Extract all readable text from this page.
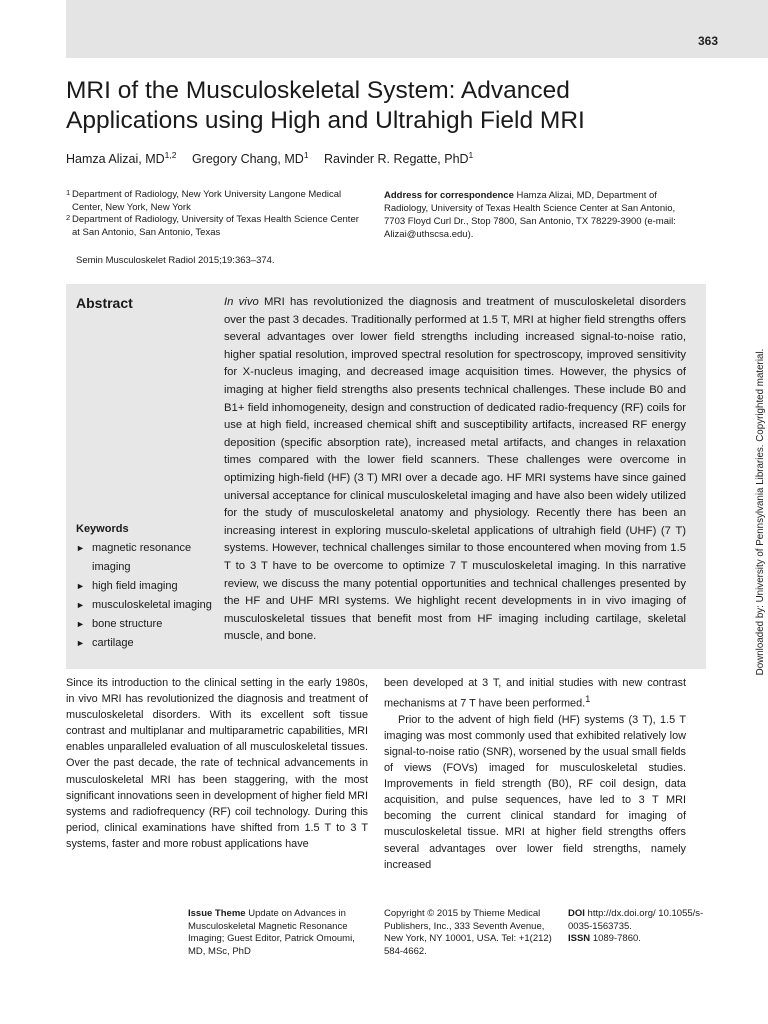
363
MRI of the Musculoskeletal System: Advanced
Applications using High and Ultrahigh Field MRI
Hamza Alizai, MD$^{1,2}$ Gregory Chang, $MD^1$ Ravinder R. Regatte, PhD$^1$
1 Department of Radiology, New York University Langone Medical Center, New York, New York
2 Department of Radiology, University of Texas Health Science Center at San Antonio, San Antonio, Texas
Semin Musculoskelet Radiol 2015;19:363–374.
Address for correspondence Hamza Alizai, MD, Department of Radiology, University of Texas Health Science Center at San Antonio, 7703 Floyd Curl Dr., Stop 7800, San Antonio, TX 78229-3900 (e-mail: Alizai@uthscsa.edu).
Abstract	In vivo MRI has revolutionized the diagnosis and treatment of musculoskeletal disorders over the past 3 decades. Traditionally performed at 1.5 T, MRI at higher field strengths offers several advantages over lower field strengths including increased signal-to-noise ratio, higher spatial resolution, improved spectral resolution for spectroscopy, improved sensitivity for X-nucleus imaging, and decreased image acquisition times. However, the physics of imaging at higher field strengths also presents technical challenges. These include B0 and B1+ field inhomogeneity, design and construction of dedicated radio-frequency (RF) coils for use at high field, increased chemical shift and susceptibility artifacts, increased RF energy deposition (specific absorption rate), increased metal artifacts, and changes in relaxation times compared with the lower field scanners. These challenges were overcome in optimizing high-field (HF) (3 T) MRI over a decade ago. HF MRI systems have since gained universal acceptance for clinical musculoskeletal imaging and have also been widely utilized for the study of musculoskeletal anatomy and physiology. Recently there has been an increasing interest in exploring musculo-skeletal applications of ultrahigh field (UHF) (7 T) systems. However, technical challenges similar to those encountered when moving from 1.5 T to 3 T have to be overcome to optimize 7 T musculoskeletal imaging. In this narrative review, we discuss the many potential opportunities and technical challenges presented by the HF and UHF MRI systems. We highlight recent developments in in vivo imaging of musculoskeletal tissues that benefit most from HF imaging including cartilage, skeletal muscle, and bone.

Keywords
► magnetic resonance imaging
► high field imaging
► musculoskeletal imaging
► bone structure
► cartilage	Downloaded by: University of Pennsylvania Libraries. Copyrighted material.

Since its introduction to the clinical setting in the early 1980s, in vivo MRI has revolutionized the diagnosis and treatment of musculoskeletal disorders. With its excellent soft tissue contrast and multiplanar and multiparametric capabilities, MRI enables unparalleled evaluation of all musculoskeletal tissues. Over the past decade, the rate of technical advancements in musculoskeletal MRI has been staggering, with the most significant innovations seen in development of higher field MRI systems and radiofrequency (RF) coil technology. During this period, clinical examinations have shifted from 1.5 T to 3 T systems, faster and more robust applications have

been developed at 3 T, and initial studies with new contrast mechanisms at 7 T have been performed.$^1$

Prior to the advent of high field (HF) systems (3 T), 1.5 T imaging was most commonly used that exhibited relatively low signal-to-noise ratio (SNR), worsened by the usual small fields of views (FOVs) imaged for musculoskeletal studies. Improvements in field strength (B0), RF coil design, data acquisition, and pulse sequences, have led to 3 T MRI becoming the current clinical standard for imaging of musculoskeletal tissue. MRI at higher field strengths offers several advantages over lower field strengths, namely increased

Issue Theme Update on Advances in Musculoskeletal Magnetic Resonance Imaging; Guest Editor, Patrick Omoumi, MD, MSc, PhD
Copyright © 2015 by Thieme Medical Publishers, Inc., 333 Seventh Avenue, New York, NY 10001, USA. Tel: +1(212) 584-4662.
DOI http://dx.doi.org/ 10.1055/s-0035-1563735.
ISSN 1089-7860.
